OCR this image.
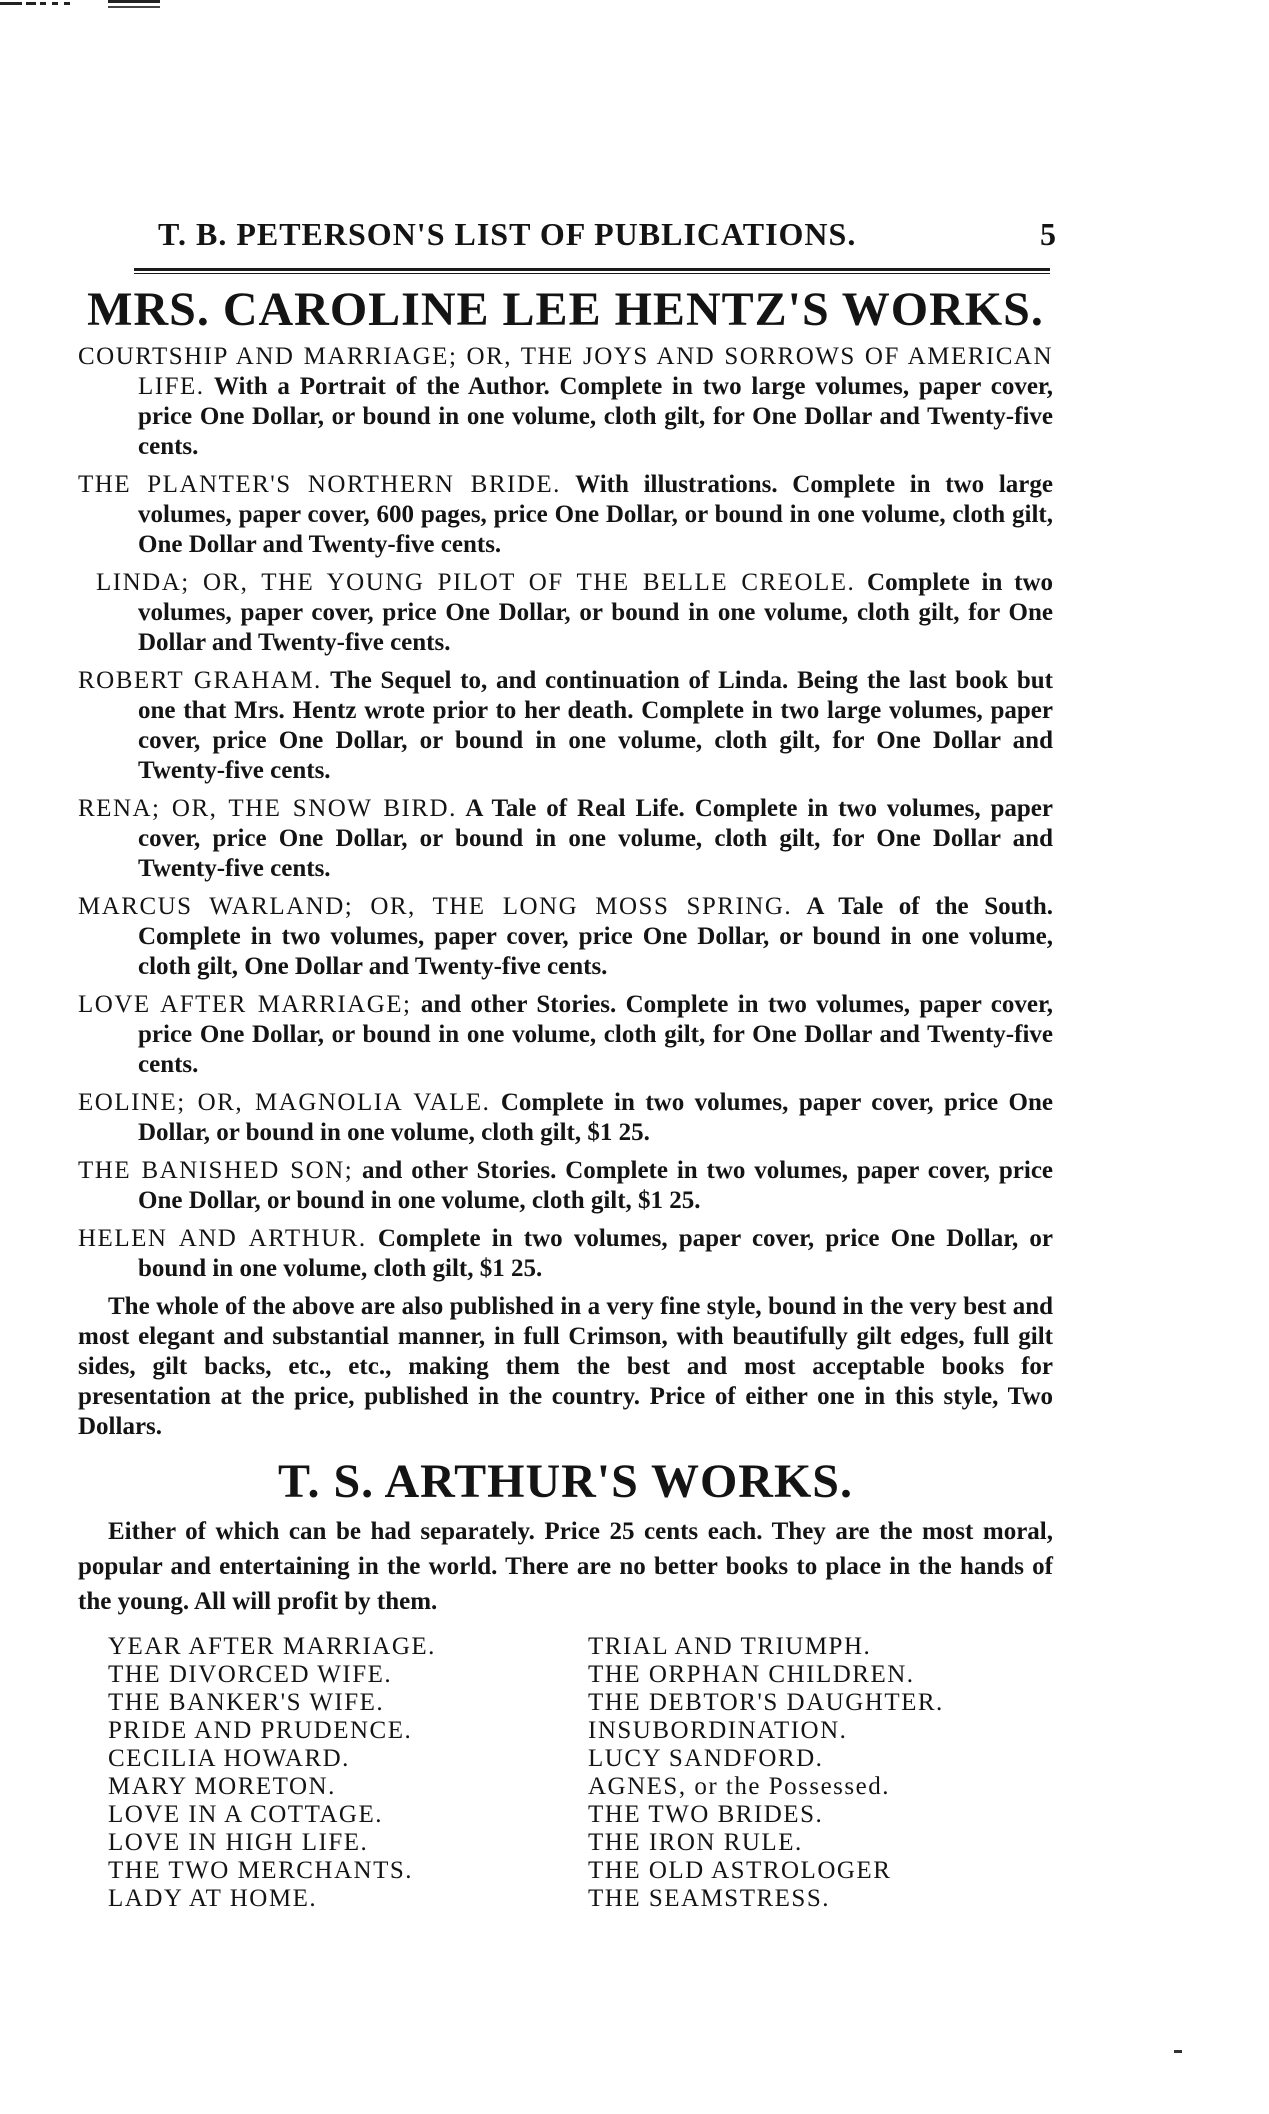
T. B. PETERSON'S LIST OF PUBLICATIONS.	5
MRS. CAROLINE LEE HENTZ'S WORKS.
COURTSHIP AND MARRIAGE; OR, THE JOYS AND SORROWS OF AMERICAN LIFE. With a Portrait of the Author. Complete in two large volumes, paper cover, price One Dollar, or bound in one volume, cloth gilt, for One Dollar and Twenty-five cents.
THE PLANTER'S NORTHERN BRIDE. With illustrations. Complete in two large volumes, paper cover, 600 pages, price One Dollar, or bound in one volume, cloth gilt, One Dollar and Twenty-five cents.
LINDA; OR, THE YOUNG PILOT OF THE BELLE CREOLE. Complete in two volumes, paper cover, price One Dollar, or bound in one volume, cloth gilt, for One Dollar and Twenty-five cents.
ROBERT GRAHAM. The Sequel to, and continuation of Linda. Being the last book but one that Mrs. Hentz wrote prior to her death. Complete in two large volumes, paper cover, price One Dollar, or bound in one volume, cloth gilt, for One Dollar and Twenty-five cents.
RENA; OR, THE SNOW BIRD. A Tale of Real Life. Complete in two volumes, paper cover, price One Dollar, or bound in one volume, cloth gilt, for One Dollar and Twenty-five cents.
MARCUS WARLAND; OR, THE LONG MOSS SPRING. A Tale of the South. Complete in two volumes, paper cover, price One Dollar, or bound in one volume, cloth gilt, One Dollar and Twenty-five cents.
LOVE AFTER MARRIAGE; and other Stories. Complete in two volumes, paper cover, price One Dollar, or bound in one volume, cloth gilt, for One Dollar and Twenty-five cents.
EOLINE; OR, MAGNOLIA VALE. Complete in two volumes, paper cover, price One Dollar, or bound in one volume, cloth gilt, $1 25.
THE BANISHED SON; and other Stories. Complete in two volumes, paper cover, price One Dollar, or bound in one volume, cloth gilt, $1 25.
HELEN AND ARTHUR. Complete in two volumes, paper cover, price One Dollar, or bound in one volume, cloth gilt, $1 25.

The whole of the above are also published in a very fine style, bound in the very best and most elegant and substantial manner, in full Crimson, with beautifully gilt edges, full gilt sides, gilt backs, etc., etc., making them the best and most acceptable books for presentation at the price, published in the country. Price of either one in this style, Two Dollars.

T. S. ARTHUR'S WORKS.

Either of which can be had separately. Price 25 cents each. They are the most moral, popular and entertaining in the world. There are no better books to place in the hands of the young. All will profit by them.

YEAR AFTER MARRIAGE.
THE DIVORCED WIFE.
THE BANKER'S WIFE.
PRIDE AND PRUDENCE.
CECILIA HOWARD.
MARY MORETON.
LOVE IN A COTTAGE.
LOVE IN HIGH LIFE.
THE TWO MERCHANTS.
LADY AT HOME.
TRIAL AND TRIUMPH.
THE ORPHAN CHILDREN.
THE DEBTOR'S DAUGHTER.
INSUBORDINATION.
LUCY SANDFORD.
AGNES, or the Possessed.
THE TWO BRIDES.
THE IRON RULE.
THE OLD ASTROLOGER
THE SEAMSTRESS.
